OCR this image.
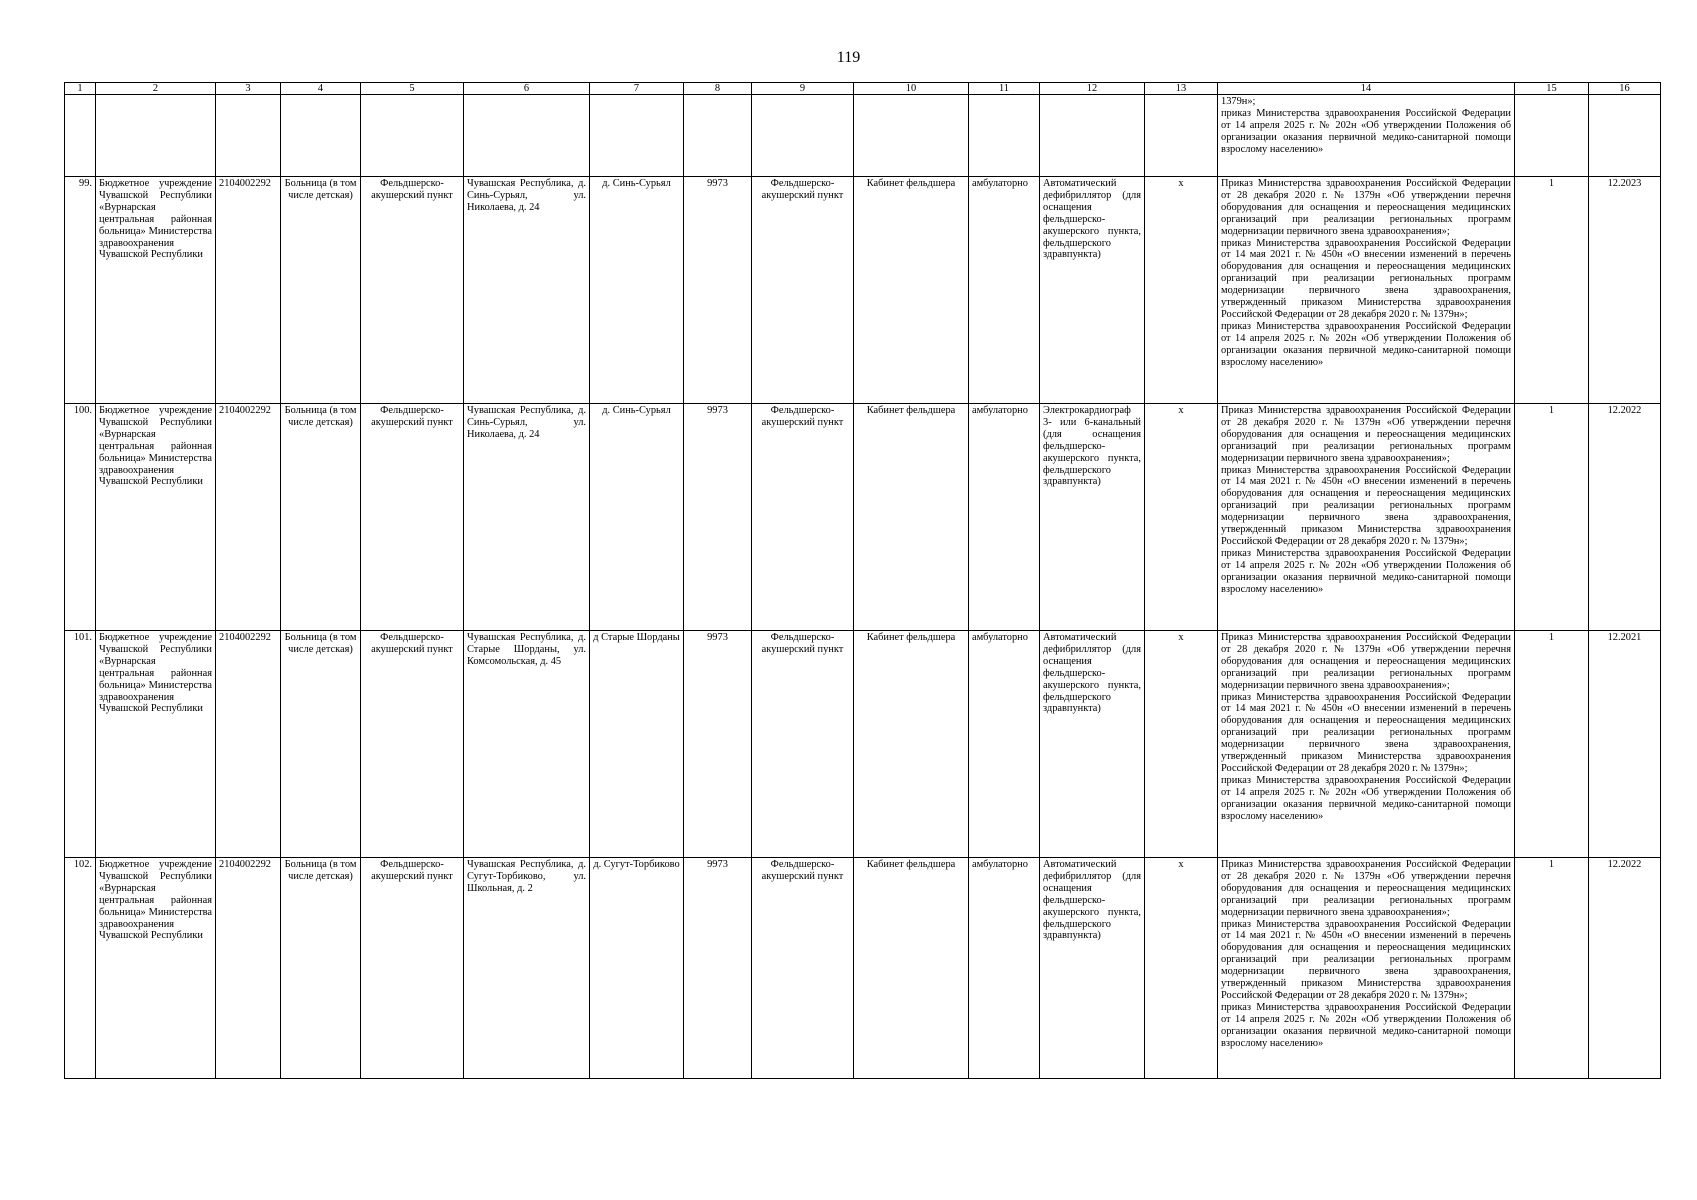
119
1	2	3	4	5	6	7	8	9	10	11	12	13	14	15	16

													1379н»;

приказ Министерства здравоохранения Российской Федерации от 14 апреля 2025 г. № 202н «Об утверждении Положения об организации оказания первичной медико-санитарной помощи взрослому населению»		

99.	Бюджетное учреждение Чувашской Республики «Вурнарская центральная районная больница» Министерства здравоохранения Чувашской Республики	2104002292	Больница (в том числе детская)	Фельдшерско-акушерский пункт	Чувашская Республика, д. Синь-Сурьял, ул. Николаева, д. 24	д. Синь-Сурьял	9973	Фельдшерско-акушерский пункт	Кабинет фельдшера	амбулаторно	Автоматический дефибриллятор (для оснащения фельдшерско-акушерского пункта, фельдшерского здравпункта)	х	Приказ Министерства здравоохранения Российской Федерации от 28 декабря 2020 г. № 1379н «Об утверждении перечня оборудования для оснащения и переоснащения медицинских организаций при реализации региональных программ модернизации первичного звена здравоохранения»;

приказ Министерства здравоохранения Российской Федерации от 14 мая 2021 г. № 450н «О внесении изменений в перечень оборудования для оснащения и переоснащения медицинских организаций при реализации региональных программ модернизации первичного звена здравоохранения, утвержденный приказом Министерства здравоохранения Российской Федерации от 28 декабря 2020 г. № 1379н»;

приказ Министерства здравоохранения Российской Федерации от 14 апреля 2025 г. № 202н «Об утверждении Положения об организации оказания первичной медико-санитарной помощи взрослому населению»	1	12.2023
100.	Бюджетное учреждение Чувашской Республики «Вурнарская центральная районная больница» Министерства здравоохранения Чувашской Республики	2104002292	Больница (в том числе детская)	Фельдшерско-акушерский пункт	Чувашская Республика, д. Синь-Сурьял, ул. Николаева, д. 24	д. Синь-Сурьял	9973	Фельдшерско-акушерский пункт	Кабинет фельдшера	амбулаторно	Электрокардиограф 3- или 6-канальный (для оснащения фельдшерско-акушерского пункта, фельдшерского здравпункта)	х	Приказ Министерства здравоохранения Российской Федерации от 28 декабря 2020 г. № 1379н «Об утверждении перечня оборудования для оснащения и переоснащения медицинских организаций при реализации региональных программ модернизации первичного звена здравоохранения»;

приказ Министерства здравоохранения Российской Федерации от 14 мая 2021 г. № 450н «О внесении изменений в перечень оборудования для оснащения и переоснащения медицинских организаций при реализации региональных программ модернизации первичного звена здравоохранения, утвержденный приказом Министерства здравоохранения Российской Федерации от 28 декабря 2020 г. № 1379н»;

приказ Министерства здравоохранения Российской Федерации от 14 апреля 2025 г. № 202н «Об утверждении Положения об организации оказания первичной медико-санитарной помощи взрослому населению»	1	12.2022
101.	Бюджетное учреждение Чувашской Республики «Вурнарская центральная районная больница» Министерства здравоохранения Чувашской Республики	2104002292	Больница (в том числе детская)	Фельдшерско-акушерский пункт	Чувашская Республика, д. Старые Шорданы, ул. Комсомольская, д. 45	д Старые Шорданы	9973	Фельдшерско-акушерский пункт	Кабинет фельдшера	амбулаторно	Автоматический дефибриллятор (для оснащения фельдшерско-акушерского пункта, фельдшерского здравпункта)	х	Приказ Министерства здравоохранения Российской Федерации от 28 декабря 2020 г. № 1379н «Об утверждении перечня оборудования для оснащения и переоснащения медицинских организаций при реализации региональных программ модернизации первичного звена здравоохранения»;

приказ Министерства здравоохранения Российской Федерации от 14 мая 2021 г. № 450н «О внесении изменений в перечень оборудования для оснащения и переоснащения медицинских организаций при реализации региональных программ модернизации первичного звена здравоохранения, утвержденный приказом Министерства здравоохранения Российской Федерации от 28 декабря 2020 г. № 1379н»;

приказ Министерства здравоохранения Российской Федерации от 14 апреля 2025 г. № 202н «Об утверждении Положения об организации оказания первичной медико-санитарной помощи взрослому населению»	1	12.2021
102.	Бюджетное учреждение Чувашской Республики «Вурнарская центральная районная больница» Министерства здравоохранения Чувашской Республики	2104002292	Больница (в том числе детская)	Фельдшерско-акушерский пункт	Чувашская Республика, д. Сугут-Торбиково, ул. Школьная, д. 2	д. Сугут-Торбиково	9973	Фельдшерско-акушерский пункт	Кабинет фельдшера	амбулаторно	Автоматический дефибриллятор (для оснащения фельдшерско-акушерского пункта, фельдшерского здравпункта)	х	Приказ Министерства здравоохранения Российской Федерации от 28 декабря 2020 г. № 1379н «Об утверждении перечня оборудования для оснащения и переоснащения медицинских организаций при реализации региональных программ модернизации первичного звена здравоохранения»;

приказ Министерства здравоохранения Российской Федерации от 14 мая 2021 г. № 450н «О внесении изменений в перечень оборудования для оснащения и переоснащения медицинских организаций при реализации региональных программ модернизации первичного звена здравоохранения, утвержденный приказом Министерства здравоохранения Российской Федерации от 28 декабря 2020 г. № 1379н»;

приказ Министерства здравоохранения Российской Федерации от 14 апреля 2025 г. № 202н «Об утверждении Положения об организации оказания первичной медико-санитарной помощи взрослому населению»	1	12.2022
